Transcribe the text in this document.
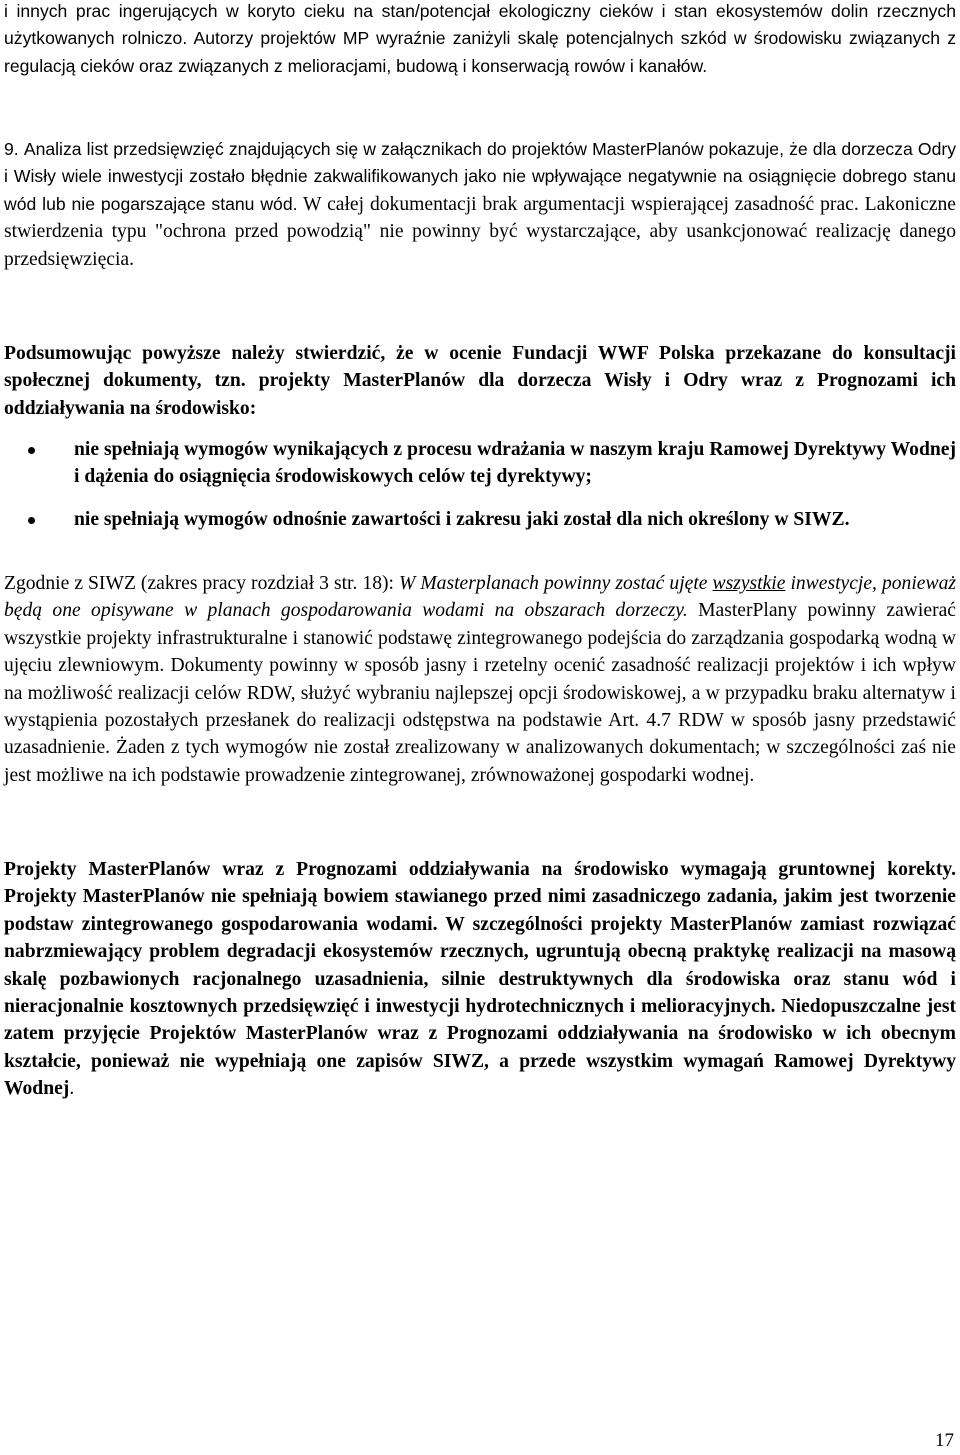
i innych prac ingerujących w koryto cieku na stan/potencjał ekologiczny cieków i stan ekosystemów dolin rzecznych użytkowanych rolniczo. Autorzy projektów MP wyraźnie zaniżyli skalę potencjalnych szkód w środowisku związanych z regulacją cieków oraz związanych z melioracjami, budową i konserwacją rowów i kanałów.

9. Analiza list przedsięwzięć znajdujących się w załącznikach do projektów MasterPlanów pokazuje, że dla dorzecza Odry i Wisły wiele inwestycji zostało błędnie zakwalifikowanych jako nie wpływające negatywnie na osiągnięcie dobrego stanu wód lub nie pogarszające stanu wód. W całej dokumentacji brak argumentacji wspierającej zasadność prac. Lakoniczne stwierdzenia typu "ochrona przed powodzią" nie powinny być wystarczające, aby usankcjonować realizację danego przedsięwzięcia.

Podsumowując powyższe należy stwierdzić, że w ocenie Fundacji WWF Polska przekazane do konsultacji społecznej dokumenty, tzn. projekty MasterPlanów dla dorzecza Wisły i Odry wraz z Prognozami ich oddziaływania na środowisko:

nie spełniają wymogów wynikających z procesu wdrażania w naszym kraju Ramowej Dyrektywy Wodnej i dążenia do osiągnięcia środowiskowych celów tej dyrektywy;
nie spełniają wymogów odnośnie zawartości i zakresu jaki został dla nich określony w SIWZ.

Zgodnie z SIWZ (zakres pracy rozdział 3 str. 18): W Masterplanach powinny zostać ujęte wszystkie inwestycje, ponieważ będą one opisywane w planach gospodarowania wodami na obszarach dorzeczy. MasterPlany powinny zawierać wszystkie projekty infrastrukturalne i stanowić podstawę zintegrowanego podejścia do zarządzania gospodarką wodną w ujęciu zlewniowym. Dokumenty powinny w sposób jasny i rzetelny ocenić zasadność realizacji projektów i ich wpływ na możliwość realizacji celów RDW, służyć wybraniu najlepszej opcji środowiskowej, a w przypadku braku alternatyw i wystąpienia pozostałych przesłanek do realizacji odstępstwa na podstawie Art. 4.7 RDW w sposób jasny przedstawić uzasadnienie. Żaden z tych wymogów nie został zrealizowany w analizowanych dokumentach; w szczególności zaś nie jest możliwe na ich podstawie prowadzenie zintegrowanej, zrównoważonej gospodarki wodnej.

Projekty MasterPlanów wraz z Prognozami oddziaływania na środowisko wymagają gruntownej korekty. Projekty MasterPlanów nie spełniają bowiem stawianego przed nimi zasadniczego zadania, jakim jest tworzenie podstaw zintegrowanego gospodarowania wodami. W szczególności projekty MasterPlanów zamiast rozwiązać nabrzmiewający problem degradacji ekosystemów rzecznych, ugruntują obecną praktykę realizacji na masową skalę pozbawionych racjonalnego uzasadnienia, silnie destruktywnych dla środowiska oraz stanu wód i nieracjonalnie kosztownych przedsięwzięć i inwestycji hydrotechnicznych i melioracyjnych. Niedopuszczalne jest zatem przyjęcie Projektów MasterPlanów wraz z Prognozami oddziaływania na środowisko w ich obecnym kształcie, ponieważ nie wypełniają one zapisów SIWZ, a przede wszystkim wymagań Ramowej Dyrektywy Wodnej.

17
